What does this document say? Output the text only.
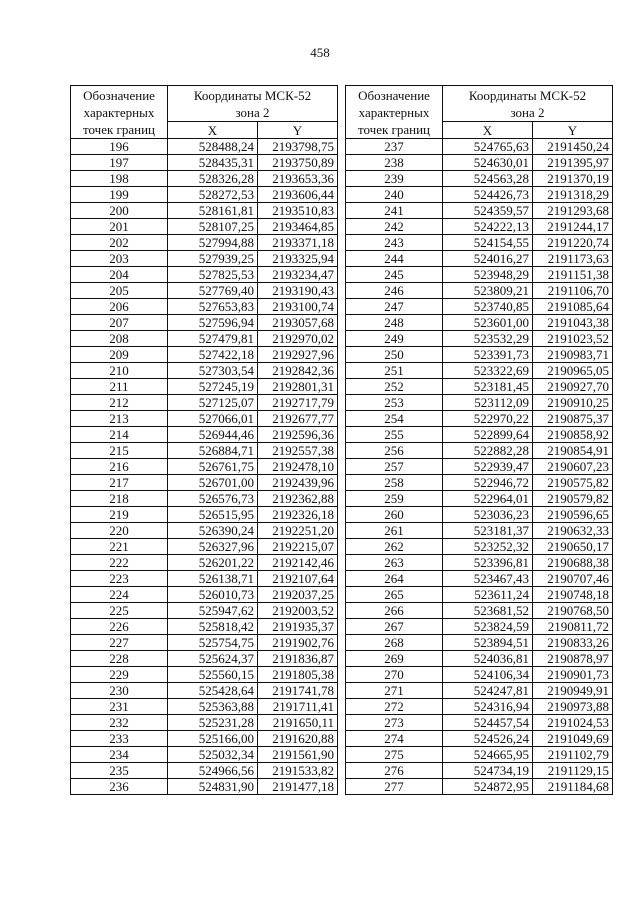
458
Обозначение
характерных
точек границ	Координаты МСК-52
зона 2	
	X	Y
196	528488,24	2193798,75
197	528435,31	2193750,89
198	528326,28	2193653,36
199	528272,53	2193606,44
200	528161,81	2193510,83
201	528107,25	2193464,85
202	527994,88	2193371,18
203	527939,25	2193325,94
204	527825,53	2193234,47
205	527769,40	2193190,43
206	527653,83	2193100,74
207	527596,94	2193057,68
208	527479,81	2192970,02
209	527422,18	2192927,96
210	527303,54	2192842,36
211	527245,19	2192801,31
212	527125,07	2192717,79
213	527066,01	2192677,77
214	526944,46	2192596,36
215	526884,71	2192557,38
216	526761,75	2192478,10
217	526701,00	2192439,96
218	526576,73	2192362,88
219	526515,95	2192326,18
220	526390,24	2192251,20
221	526327,96	2192215,07
222	526201,22	2192142,46
223	526138,71	2192107,64
224	526010,73	2192037,25
225	525947,62	2192003,52
226	525818,42	2191935,37
227	525754,75	2191902,76
228	525624,37	2191836,87
229	525560,15	2191805,38
230	525428,64	2191741,78
231	525363,88	2191711,41
232	525231,28	2191650,11
233	525166,00	2191620,88
234	525032,34	2191561,90
235	524966,56	2191533,82
236	524831,90	2191477,18
Обозначение
характерных
точек границ	Координаты МСК-52
зона 2	
	X	Y
237	524765,63	2191450,24
238	524630,01	2191395,97
239	524563,28	2191370,19
240	524426,73	2191318,29
241	524359,57	2191293,68
242	524222,13	2191244,17
243	524154,55	2191220,74
244	524016,27	2191173,63
245	523948,29	2191151,38
246	523809,21	2191106,70
247	523740,85	2191085,64
248	523601,00	2191043,38
249	523532,29	2191023,52
250	523391,73	2190983,71
251	523322,69	2190965,05
252	523181,45	2190927,70
253	523112,09	2190910,25
254	522970,22	2190875,37
255	522899,64	2190858,92
256	522882,28	2190854,91
257	522939,47	2190607,23
258	522946,72	2190575,82
259	522964,01	2190579,82
260	523036,23	2190596,65
261	523181,37	2190632,33
262	523252,32	2190650,17
263	523396,81	2190688,38
264	523467,43	2190707,46
265	523611,24	2190748,18
266	523681,52	2190768,50
267	523824,59	2190811,72
268	523894,51	2190833,26
269	524036,81	2190878,97
270	524106,34	2190901,73
271	524247,81	2190949,91
272	524316,94	2190973,88
273	524457,54	2191024,53
274	524526,24	2191049,69
275	524665,95	2191102,79
276	524734,19	2191129,15
277	524872,95	2191184,68
